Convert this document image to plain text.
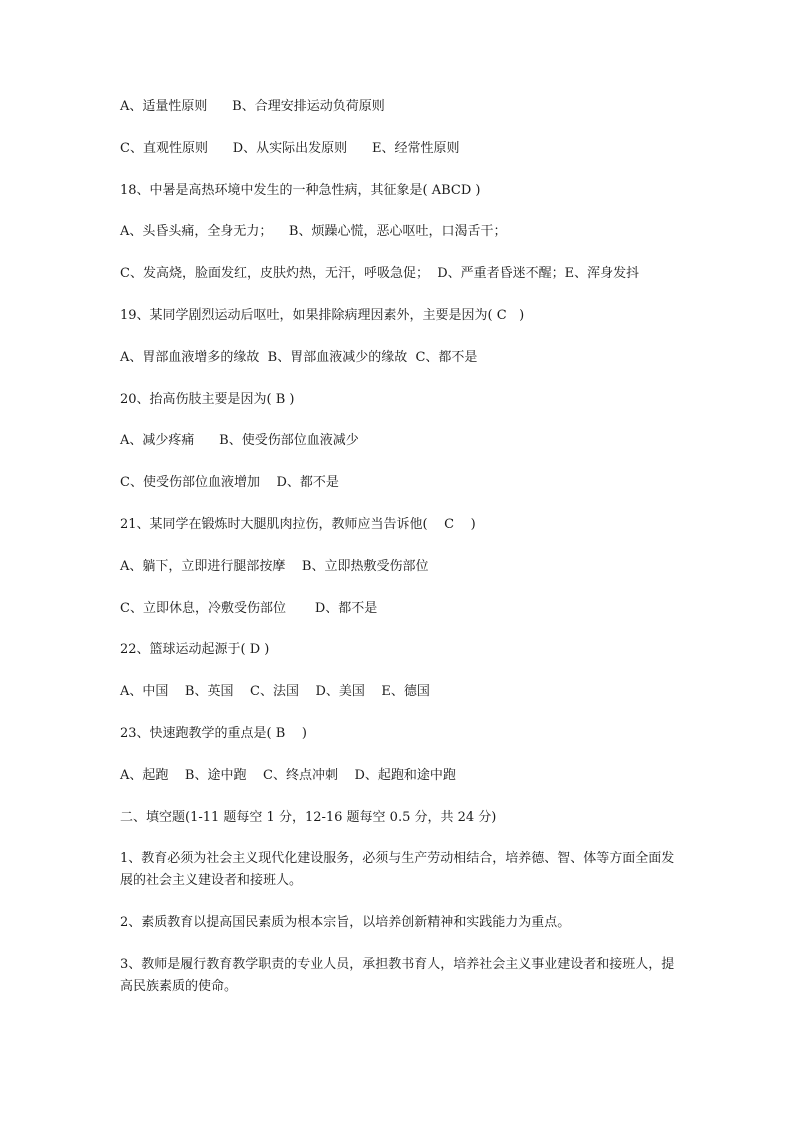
A、适量性原则      B、合理安排运动负荷原则
C、直观性原则      D、从实际出发原则      E、经常性原则
18、中暑是高热环境中发生的一种急性病，其征象是( ABCD )
A、头昏头痛，全身无力；    B、烦躁心慌，恶心呕吐，口渴舌干；
C、发高烧，脸面发红，皮肤灼热，无汗，呼吸急促；  D、严重者昏迷不醒；E、浑身发抖
19、某同学剧烈运动后呕吐，如果排除病理因素外，主要是因为( C   )
A、胃部血液增多的缘故  B、胃部血液减少的缘故  C、都不是
20、抬高伤肢主要是因为( B )
A、减少疼痛      B、使受伤部位血液减少
C、使受伤部位血液增加    D、都不是
21、某同学在锻炼时大腿肌肉拉伤，教师应当告诉他(    C    )
A、躺下，立即进行腿部按摩    B、立即热敷受伤部位
C、立即休息，冷敷受伤部位       D、都不是
22、篮球运动起源于( D )
A、中国    B、英国    C、法国    D、美国    E、德国
23、快速跑教学的重点是( B    )
A、起跑    B、途中跑    C、终点冲刺    D、起跑和途中跑
二、填空题(1-11 题每空 1 分，12-16 题每空 0.5 分，共 24 分)
1、教育必须为社会主义现代化建设服务，必须与生产劳动相结合，培养德、智、体等方面全面发展的社会主义建设者和接班人。
2、素质教育以提高国民素质为根本宗旨，以培养创新精神和实践能力为重点。
3、教师是履行教育教学职责的专业人员，承担教书育人，培养社会主义事业建设者和接班人，提高民族素质的使命。
